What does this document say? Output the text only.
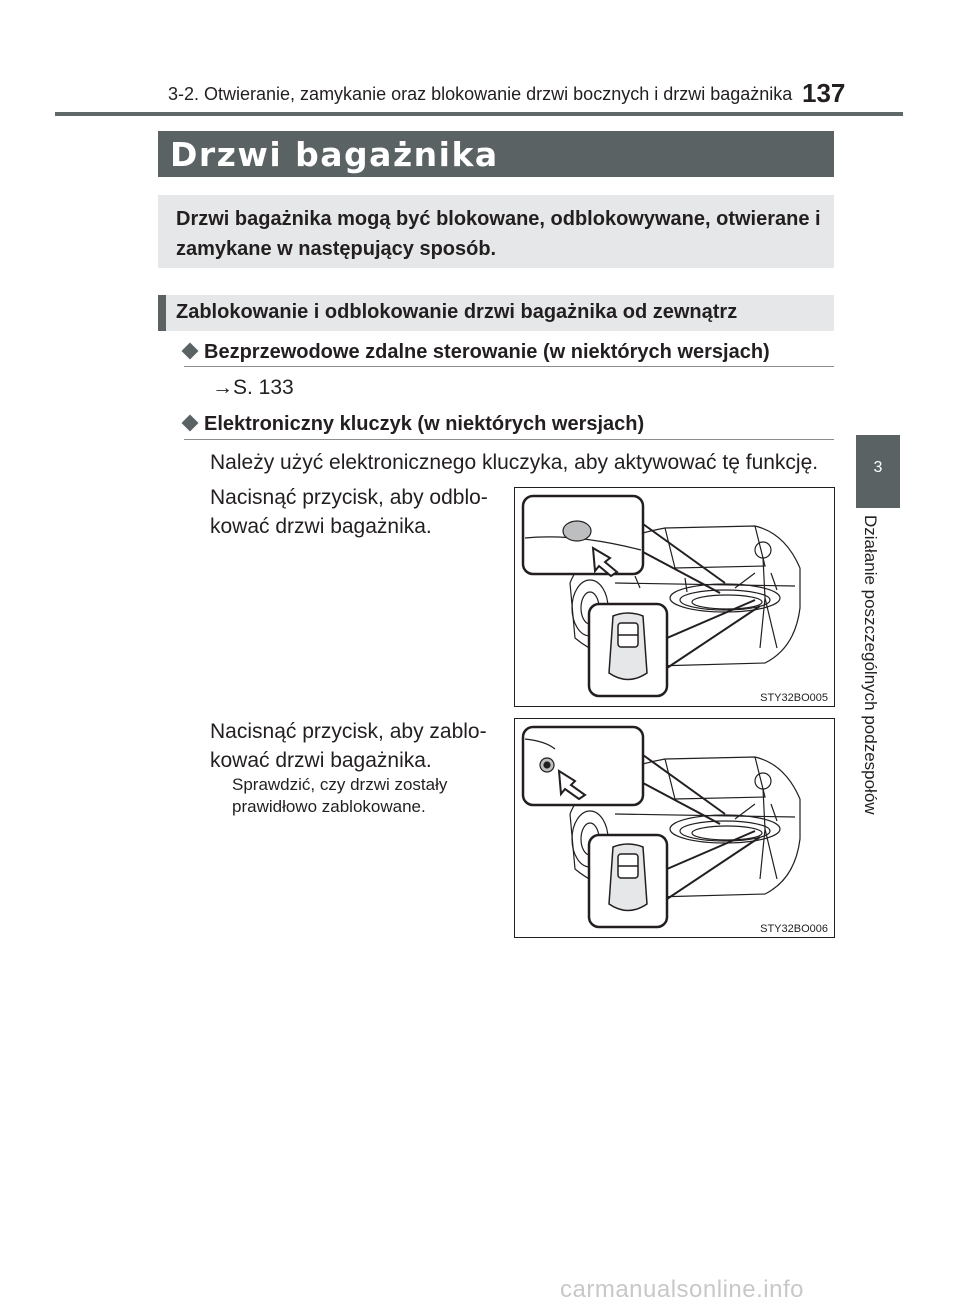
3-2. Otwieranie, zamykanie oraz blokowanie drzwi bocznych i drzwi bagażnika 137
Drzwi bagażnika
Drzwi bagażnika mogą być blokowane, odblokowywane, otwierane i zamykane w następujący sposób.
Zablokowanie i odblokowanie drzwi bagażnika od zewnątrz
Bezprzewodowe zdalne sterowanie (w niektórych wersjach)
→S. 133
Elektroniczny kluczyk (w niektórych wersjach)
Należy użyć elektronicznego kluczyka, aby aktywować tę funkcję.
Nacisnąć przycisk, aby odblo-
kować drzwi bagażnika.
STY32BO005
Nacisnąć przycisk, aby zablo-
kować drzwi bagażnika.
Sprawdzić, czy drzwi zostały
prawidłowo zablokowane.
STY32BO006
3
Działanie poszczególnych podzespołów
carmanualsonline.info
